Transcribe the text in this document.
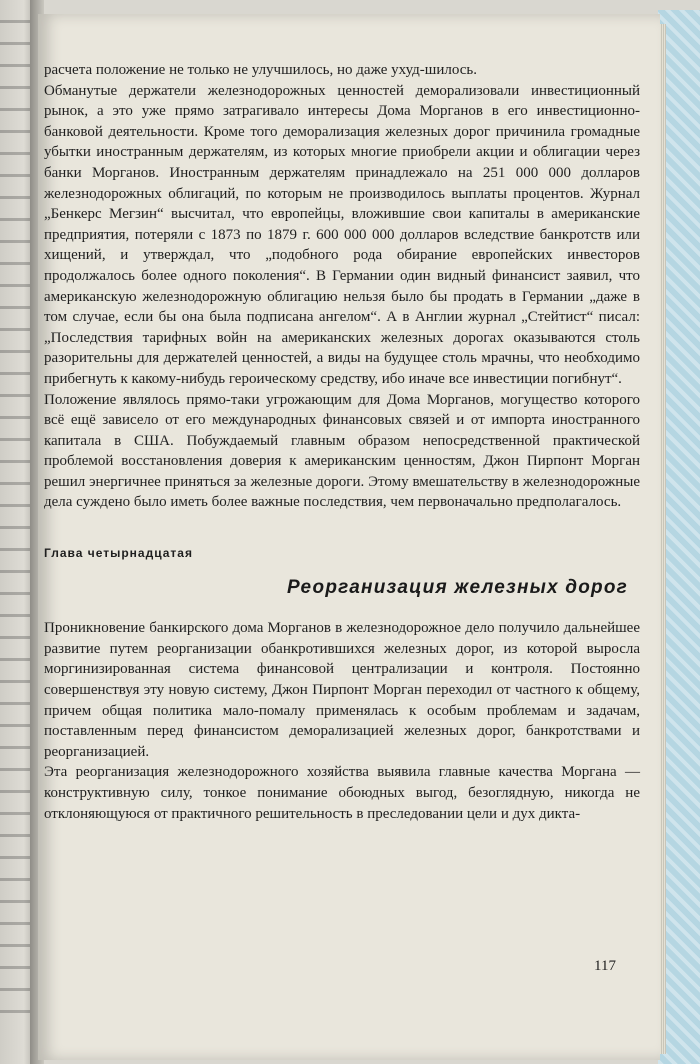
расчета положение не только не улучшилось, но даже ухуд-шилось.

Обманутые держатели железнодорожных ценностей деморализовали инвестиционный рынок, а это уже прямо затрагивало интересы Дома Морганов в его инвестиционно-банковой деятельности. Кроме того деморализация железных дорог причинила громадные убытки иностранным держателям, из которых многие приобрели акции и облигации через банки Морганов. Иностранным держателям принадлежало на 251 000 000 долларов железнодорожных облигаций, по которым не производилось выплаты процентов. Журнал „Бенкерс Мегзин“ высчитал, что европейцы, вложившие свои капиталы в американские предприятия, потеряли с 1873 по 1879 г. 600 000 000 долларов вследствие банкротств или хищений, и утверждал, что „подобного рода обирание европейских инвесторов продолжалось более одного поколения“. В Германии один видный финансист заявил, что американскую железнодорожную облигацию нельзя было бы продать в Германии „даже в том случае, если бы она была подписана ангелом“. А в Англии журнал „Стейтист“ писал: „Последствия тарифных войн на американских железных дорогах оказываются столь разорительны для держателей ценностей, а виды на будущее столь мрачны, что необходимо прибегнуть к какому-нибудь героическому средству, ибо иначе все инвестиции погибнут“.

Положение являлось прямо-таки угрожающим для Дома Морганов, могущество которого всё ещё зависело от его международных финансовых связей и от импорта иностранного капитала в США. Побуждаемый главным образом непосредственной практической проблемой восстановления доверия к американским ценностям, Джон Пирпонт Морган решил энергичнее приняться за железные дороги. Этому вмешательству в железнодорожные дела суждено было иметь более важные последствия, чем первоначально предполагалось.

Глава четырнадцатая
Реорганизация железных дорог

Проникновение банкирского дома Морганов в железнодорожное дело получило дальнейшее развитие путем реорганизации обанкротившихся железных дорог, из которой выросла моргинизированная система финансовой централизации и контроля. Постоянно совершенствуя эту новую систему, Джон Пирпонт Морган переходил от частного к общему, причем общая политика мало-помалу применялась к особым проблемам и задачам, поставленным перед финансистом деморализацией железных дорог, банкротствами и реорганизацией.

Эта реорганизация железнодорожного хозяйства выявила главные качества Моргана — конструктивную силу, тонкое понимание обоюдных выгод, безоглядную, никогда не отклоняющуюся от практичного решительность в преследовании цели и дух дикта-

117
